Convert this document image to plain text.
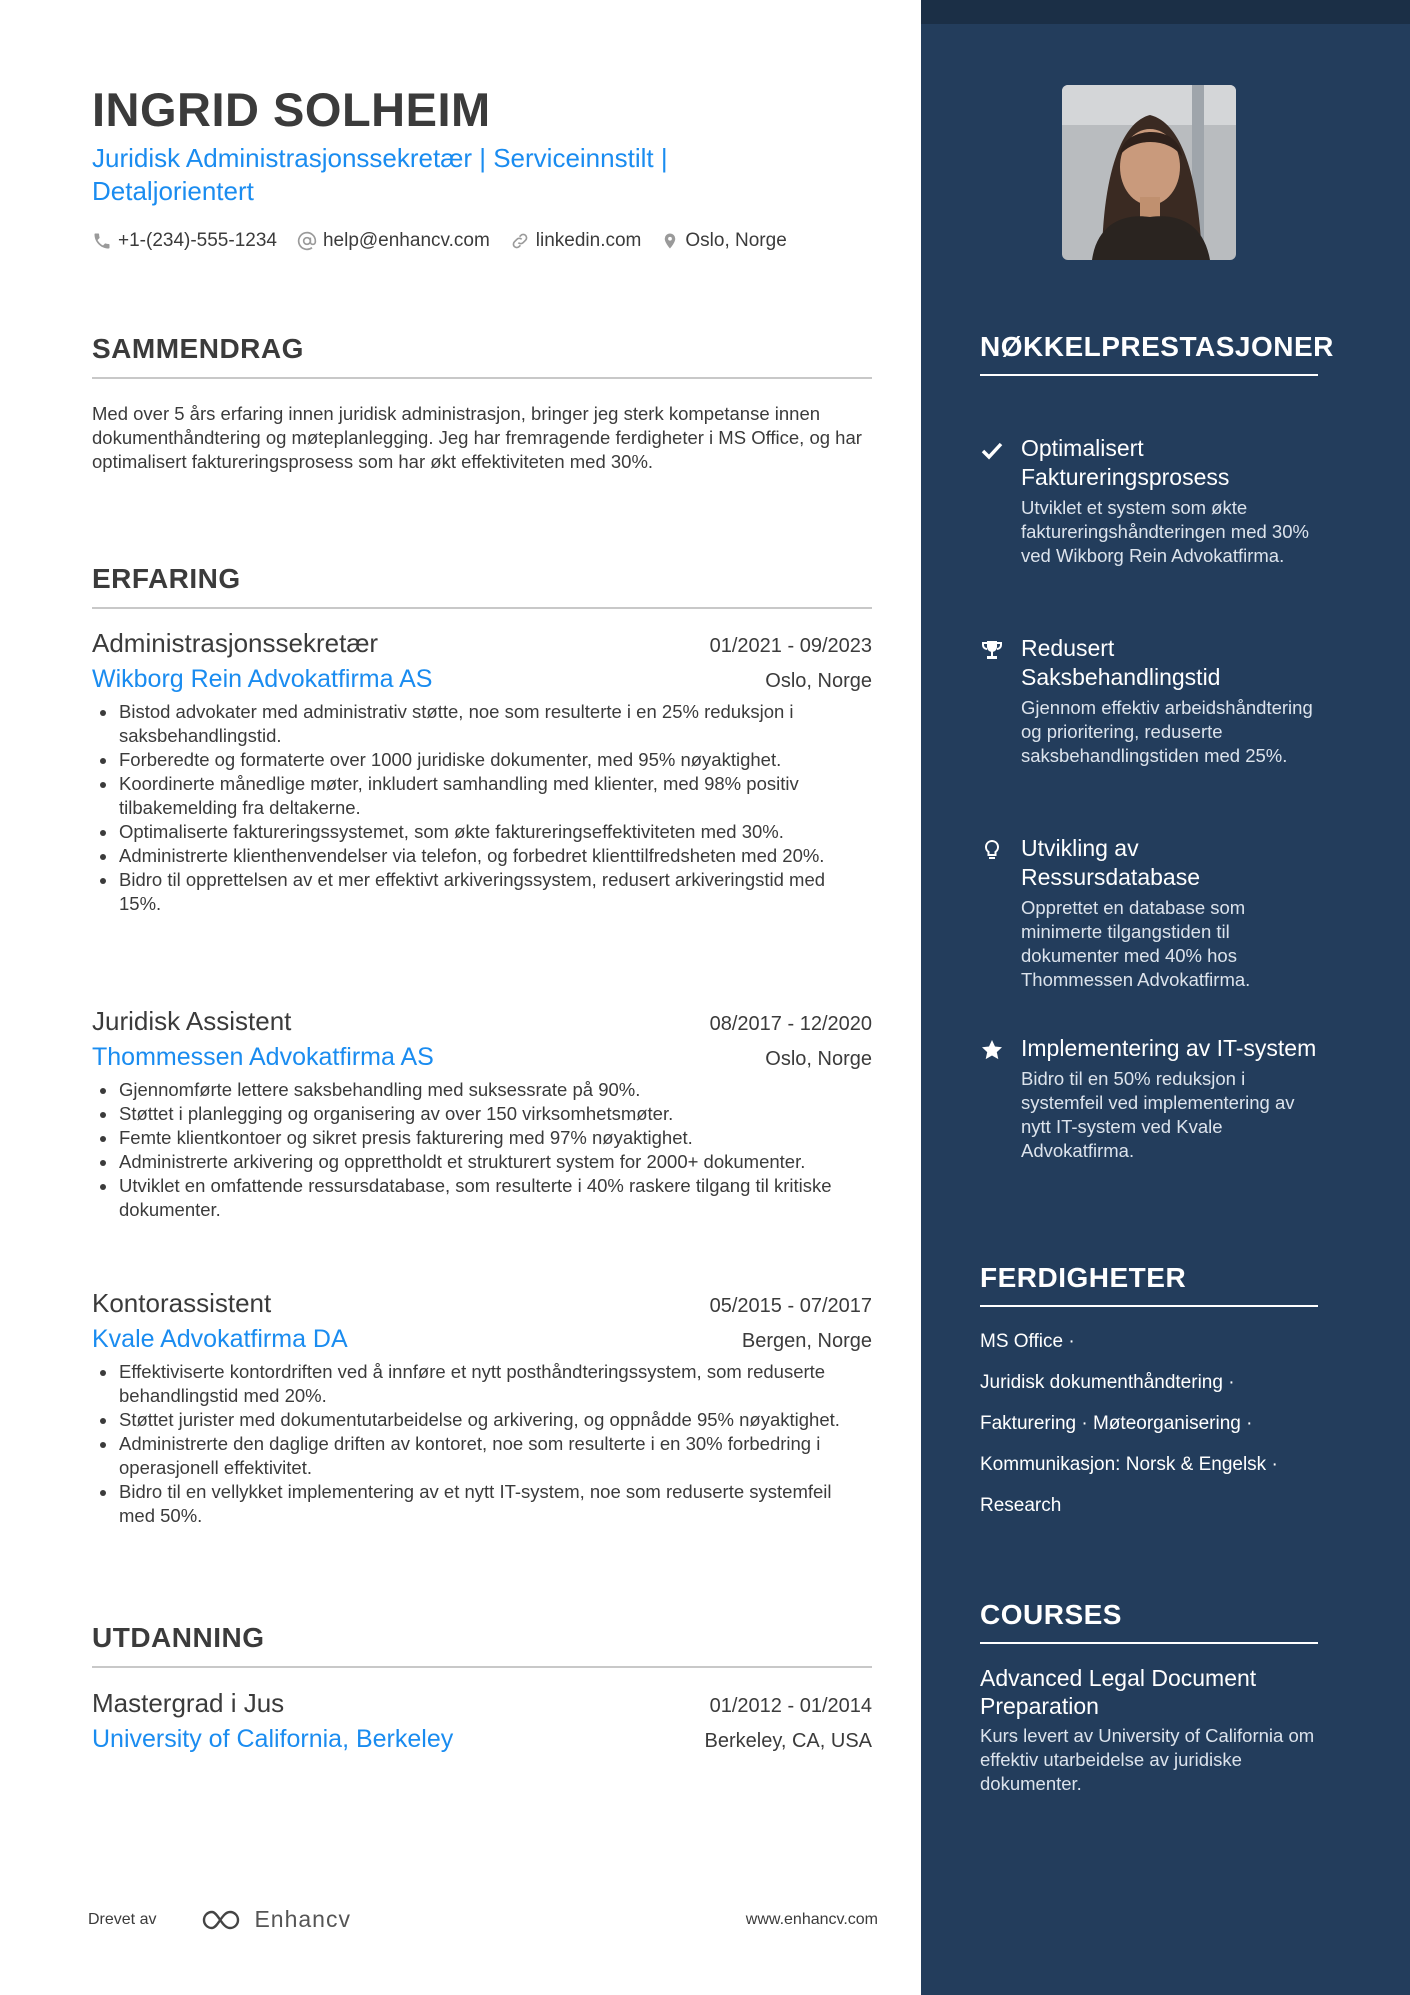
INGRID SOLHEIM
Juridisk Administrasjonssekretær | Serviceinnstilt | Detaljorientert
+1-(234)-555-1234 help@enhancv.com linkedin.com Oslo, Norge
SAMMENDRAG

Med over 5 års erfaring innen juridisk administrasjon, bringer jeg sterk kompetanse innen dokumenthåndtering og møteplanlegging. Jeg har fremragende ferdigheter i MS Office, og har optimalisert faktureringsprosess som har økt effektiviteten med 30%.

ERFARING
Administrasjonssekretær	01/2021 - 09/2023
Wikborg Rein Advokatfirma AS	Oslo, Norge
Bistod advokater med administrativ støtte, noe som resulterte i en 25% reduksjon i saksbehandlingstid.
Forberedte og formaterte over 1000 juridiske dokumenter, med 95% nøyaktighet.
Koordinerte månedlige møter, inkludert samhandling med klienter, med 98% positiv tilbakemelding fra deltakerne.
Optimaliserte faktureringssystemet, som økte faktureringseffektiviteten med 30%.
Administrerte klienthenvendelser via telefon, og forbedret klienttilfredsheten med 20%.
Bidro til opprettelsen av et mer effektivt arkiveringssystem, redusert arkiveringstid med 15%.
Juridisk Assistent	08/2017 - 12/2020
Thommessen Advokatfirma AS	Oslo, Norge
Gjennomførte lettere saksbehandling med suksessrate på 90%.
Støttet i planlegging og organisering av over 150 virksomhetsmøter.
Femte klientkontoer og sikret presis fakturering med 97% nøyaktighet.
Administrerte arkivering og opprettholdt et strukturert system for 2000+ dokumenter.
Utviklet en omfattende ressursdatabase, som resulterte i 40% raskere tilgang til kritiske dokumenter.
Kontorassistent	05/2015 - 07/2017
Kvale Advokatfirma DA	Bergen, Norge
Effektiviserte kontordriften ved å innføre et nytt posthåndteringssystem, som reduserte behandlingstid med 20%.
Støttet jurister med dokumentutarbeidelse og arkivering, og oppnådde 95% nøyaktighet.
Administrerte den daglige driften av kontoret, noe som resulterte i en 30% forbedring i operasjonell effektivitet.
Bidro til en vellykket implementering av et nytt IT-system, noe som reduserte systemfeil med 50%.
UTDANNING
Mastergrad i Jus	01/2012 - 01/2014
University of California, Berkeley	Berkeley, CA, USA
Drevet av	Enhancv	www.enhancv.com
NØKKELPRESTASJONER
Optimalisert Faktureringsprosess
Utviklet et system som økte faktureringshåndteringen med 30% ved Wikborg Rein Advokatfirma.
Redusert Saksbehandlingstid
Gjennom effektiv arbeidshåndtering og prioritering, reduserte saksbehandlingstiden med 25%.
Utvikling av Ressursdatabase
Opprettet en database som minimerte tilgangstiden til dokumenter med 40% hos Thommessen Advokatfirma.
Implementering av IT-system
Bidro til en 50% reduksjon i systemfeil ved implementering av nytt IT-system ved Kvale Advokatfirma.
FERDIGHETER
MS Office ·
Juridisk dokumenthåndtering ·
Fakturering · Møteorganisering ·
Kommunikasjon: Norsk & Engelsk ·
Research
COURSES
Advanced Legal Document Preparation
Kurs levert av University of California om effektiv utarbeidelse av juridiske dokumenter.
